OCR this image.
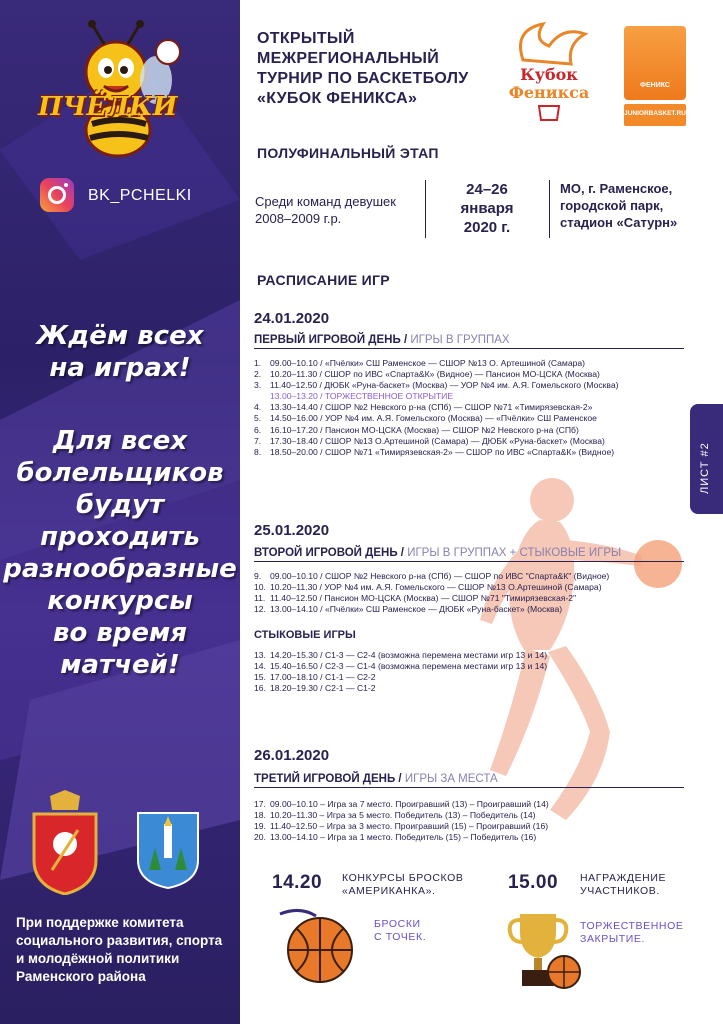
ПЧЁЛКИ
BK_PCHELKI
Ждём всех
на играх!
Для всех
болельщиков
будут
проходить
разнообразные
конкурсы
во время
матчей!
При поддержке комитета социального развития, спорта и молодёжной политики Раменского района
ОТКРЫТЫЙ
МЕЖРЕГИОНАЛЬНЫЙ
ТУРНИР ПО БАСКЕТБОЛУ
«КУБОК ФЕНИКСА»
Кубок
Феникса	ФЕНИКС
JUNIORBASKET.RU
ПОЛУФИНАЛЬНЫЙ ЭТАП
Среди команд девушек 2008–2009 г.р.
24–26
января
2020 г.
МО, г. Раменское,
городской парк,
стадион «Сатурн»
РАСПИСАНИЕ ИГР
ЛИСТ #2
24.01.2020
ПЕРВЫЙ ИГРОВОЙ ДЕНЬ / ИГРЫ В ГРУППАХ
1. 09.00–10.10 / «Пчёлки» СШ Раменское — СШОР №13 О. Артешиной (Самара)
2. 10.20–11.30 / СШОР по ИВС «Спарта&К» (Видное) — Пансион МО-ЦСКА (Москва)
3. 11.40–12.50 / ДЮБК «Руна-баскет» (Москва) — УОР №4 им. А.Я. Гомельского (Москва)
13.00–13.20 / ТОРЖЕСТВЕННОЕ ОТКРЫТИЕ
4. 13.30–14.40 / СШОР №2 Невского р-на (СПб) — СШОР №71 «Тимирязевская-2»
5. 14.50–16.00 / УОР №4 им. А.Я. Гомельского (Москва) — «Пчёлки» СШ Раменское
6. 16.10–17.20 / Пансион МО-ЦСКА (Москва) — СШОР №2 Невского р-на (СПб)
7. 17.30–18.40 / СШОР №13 О.Артешиной (Самара) — ДЮБК «Руна-баскет» (Москва)
8. 18.50–20.00 / СШОР №71 «Тимирязевская-2» — СШОР по ИВС «Спарта&К» (Видное)
25.01.2020
ВТОРОЙ ИГРОВОЙ ДЕНЬ / ИГРЫ В ГРУППАХ + СТЫКОВЫЕ ИГРЫ
9. 09.00–10.10 / СШОР №2 Невского р-на (СПб) — СШОР по ИВС "Спарта&К" (Видное)
10. 10.20–11.30 / УОР №4 им. А.Я. Гомельского — СШОР №13 О.Артешиной (Самара)
11. 11.40–12.50 / Пансион МО-ЦСКА (Москва) — СШОР №71 "Тимирязевская-2"
12. 13.00–14.10 / «Пчёлки» СШ Раменское — ДЮБК «Руна-баскет» (Москва)
СТЫКОВЫЕ ИГРЫ
13. 14.20–15.30 / С1-3 — С2-4 (возможна перемена местами игр 13 и 14)
14. 15.40–16.50 / С2-3 — С1-4 (возможна перемена местами игр 13 и 14)
15. 17.00–18.10 / С1-1 — С2-2
16. 18.20–19.30 / С2-1 — С1-2
26.01.2020
ТРЕТИЙ ИГРОВОЙ ДЕНЬ / ИГРЫ ЗА МЕСТА
17. 09.00–10.10 – Игра за 7 место. Проигравший (13) – Проигравший (14)
18. 10.20–11.30 – Игра за 5 место. Победитель (13) – Победитель (14)
19. 11.40–12.50 – Игра за 3 место. Проигравший (15) – Проигравший (16)
20. 13.00–14.10 – Игра за 1 место. Победитель (15) – Победитель (16)
14.20 КОНКУРСЫ БРОСКОВ
«АМЕРИКАНКА».
БРОСКИ
С ТОЧЕК.
15.00 НАГРАЖДЕНИЕ
УЧАСТНИКОВ.
ТОРЖЕСТВЕННОЕ
ЗАКРЫТИЕ.
